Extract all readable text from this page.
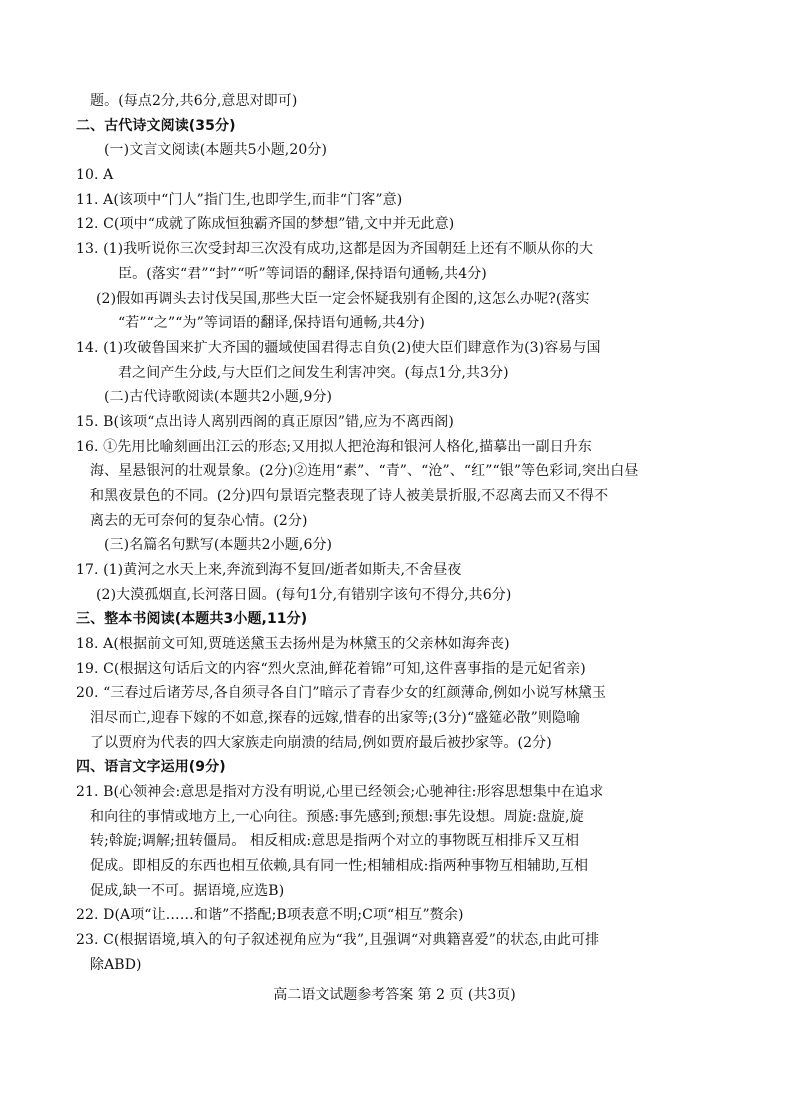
题。(每点2分,共6分,意思对即可)
二、古代诗文阅读(35分)
(一)文言文阅读(本题共5小题,20分)
10. A
11. A(该项中“门人”指门生,也即学生,而非“门客”意)
12. C(项中“成就了陈成恒独霸齐国的梦想”错,文中并无此意)
13. (1)我听说你三次受封却三次没有成功,这都是因为齐国朝廷上还有不顺从你的大
臣。(落实“君”“封”“听”等词语的翻译,保持语句通畅,共4分)
(2)假如再调头去讨伐吴国,那些大臣一定会怀疑我别有企图的,这怎么办呢?(落实
“若”“之”“为”等词语的翻译,保持语句通畅,共4分)
14. (1)攻破鲁国来扩大齐国的疆域使国君得志自负(2)使大臣们肆意作为(3)容易与国
君之间产生分歧,与大臣们之间发生利害冲突。(每点1分,共3分)
(二)古代诗歌阅读(本题共2小题,9分)
15. B(该项“点出诗人离别西阁的真正原因”错,应为不离西阁)
16. ①先用比喻刻画出江云的形态;又用拟人把沧海和银河人格化,描摹出一副日升东
海、星悬银河的壮观景象。(2分)②连用“素”、“青”、“沧”、“红”“银”等色彩词,突出白昼
和黑夜景色的不同。(2分)四句景语完整表现了诗人被美景折服,不忍离去而又不得不
离去的无可奈何的复杂心情。(2分)
(三)名篇名句默写(本题共2小题,6分)
17. (1)黄河之水天上来,奔流到海不复回/逝者如斯夫,不舍昼夜
(2)大漠孤烟直,长河落日圆。(每句1分,有错别字该句不得分,共6分)
三、整本书阅读(本题共3小题,11分)
18. A(根据前文可知,贾琏送黛玉去扬州是为林黛玉的父亲林如海奔丧)
19. C(根据这句话后文的内容“烈火烹油,鲜花着锦”可知,这件喜事指的是元妃省亲)
20. “三春过后诸芳尽,各自须寻各自门”暗示了青春少女的红颜薄命,例如小说写林黛玉
泪尽而亡,迎春下嫁的不如意,探春的远嫁,惜春的出家等;(3分)“盛筵必散”则隐喻
了以贾府为代表的四大家族走向崩溃的结局,例如贾府最后被抄家等。(2分)
四、语言文字运用(9分)
21. B(心领神会:意思是指对方没有明说,心里已经领会;心驰神往:形容思想集中在追求
和向往的事情或地方上,一心向往。预感:事先感到;预想:事先设想。周旋:盘旋,旋
转;斡旋;调解;扭转僵局。 相反相成:意思是指两个对立的事物既互相排斥又互相
促成。即相反的东西也相互依赖,具有同一性;相辅相成:指两种事物互相辅助,互相
促成,缺一不可。据语境,应选B)
22. D(A项“让……和谐”不搭配;B项表意不明;C项“相互”赘余)
23. C(根据语境,填入的句子叙述视角应为“我”,且强调“对典籍喜爱”的状态,由此可排
除ABD)
高二语文试题参考答案 第 2 页 (共3页)
